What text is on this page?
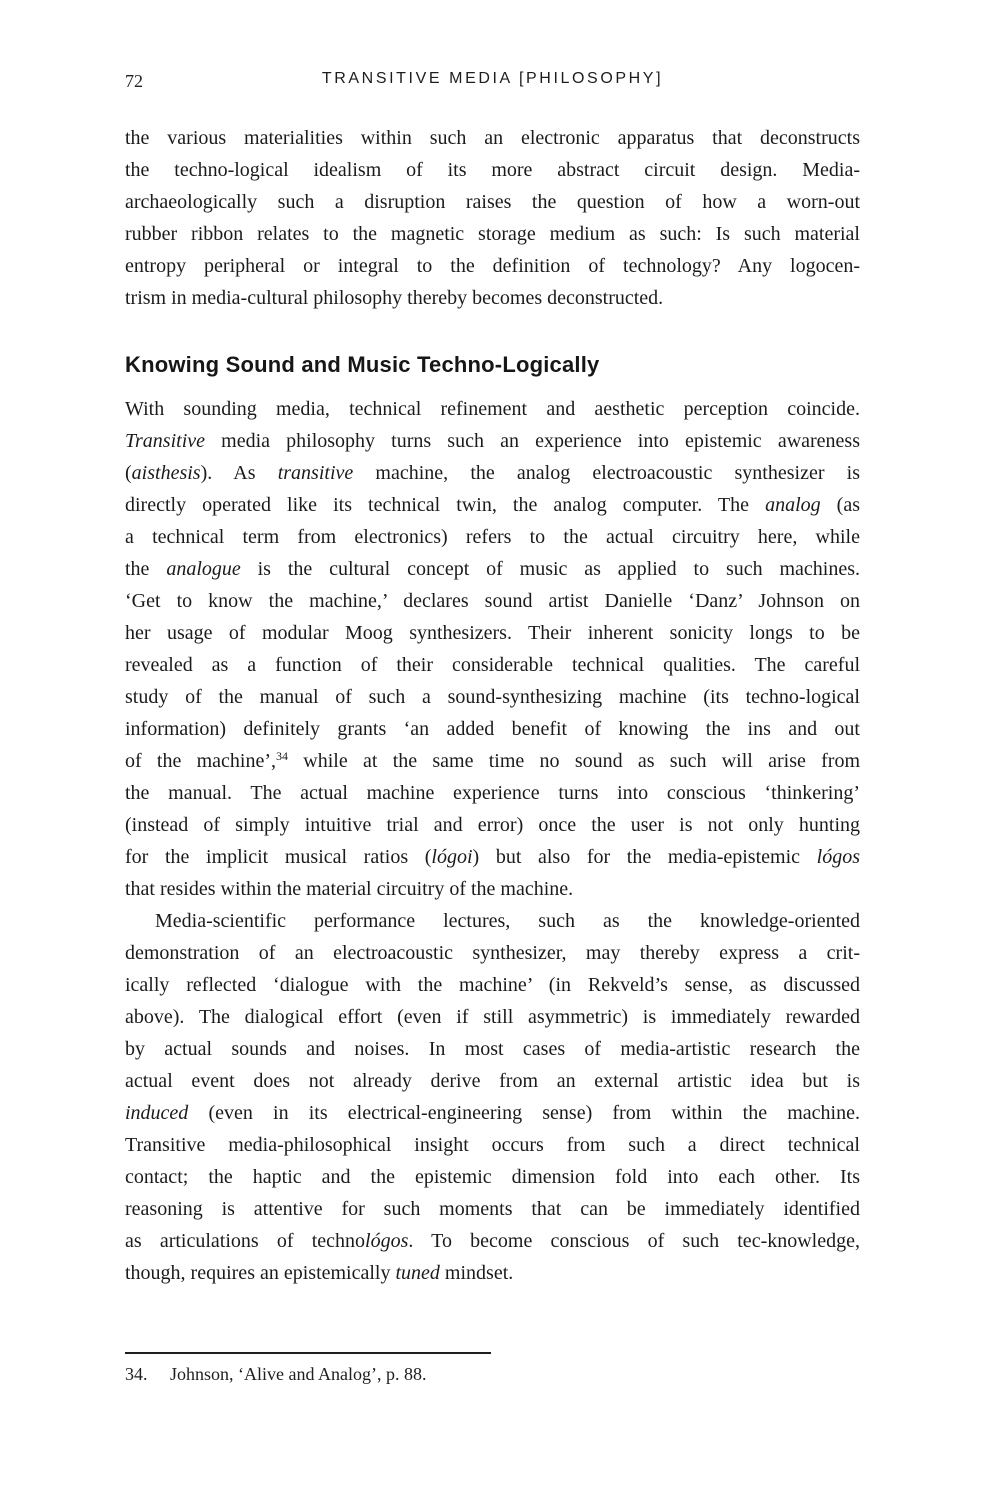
72	TRANSITIVE MEDIA [PHILOSOPHY]
the various materialities within such an electronic apparatus that deconstructs
the techno-logical idealism of its more abstract circuit design. Media-
archaeologically such a disruption raises the question of how a worn-out
rubber ribbon relates to the magnetic storage medium as such: Is such material
entropy peripheral or integral to the definition of technology? Any logocen-
trism in media-cultural philosophy thereby becomes deconstructed.
Knowing Sound and Music Techno-Logically
With sounding media, technical refinement and aesthetic perception coincide.
Transitive media philosophy turns such an experience into epistemic awareness
(aisthesis). As transitive machine, the analog electroacoustic synthesizer is
directly operated like its technical twin, the analog computer. The analog (as
a technical term from electronics) refers to the actual circuitry here, while
the analogue is the cultural concept of music as applied to such machines.
‘Get to know the machine,’ declares sound artist Danielle ‘Danz’ Johnson on
her usage of modular Moog synthesizers. Their inherent sonicity longs to be
revealed as a function of their considerable technical qualities. The careful
study of the manual of such a sound-synthesizing machine (its techno-logical
information) definitely grants ‘an added benefit of knowing the ins and out
of the machine’,$^{34}$ while at the same time no sound as such will arise from
the manual. The actual machine experience turns into conscious ‘thinkering’
(instead of simply intuitive trial and error) once the user is not only hunting
for the implicit musical ratios (lógoi) but also for the media-epistemic lógos
that resides within the material circuitry of the machine.
Media-scientific performance lectures, such as the knowledge-oriented
demonstration of an electroacoustic synthesizer, may thereby express a crit-
ically reflected ‘dialogue with the machine’ (in Rekveld’s sense, as discussed
above). The dialogical effort (even if still asymmetric) is immediately rewarded
by actual sounds and noises. In most cases of media-artistic research the
actual event does not already derive from an external artistic idea but is
induced (even in its electrical-engineering sense) from within the machine.
Transitive media-philosophical insight occurs from such a direct technical
contact; the haptic and the epistemic dimension fold into each other. Its
reasoning is attentive for such moments that can be immediately identified
as articulations of technológos. To become conscious of such tec-knowledge,
though, requires an epistemically tuned mindset.
34. Johnson, ‘Alive and Analog’, p. 88.
